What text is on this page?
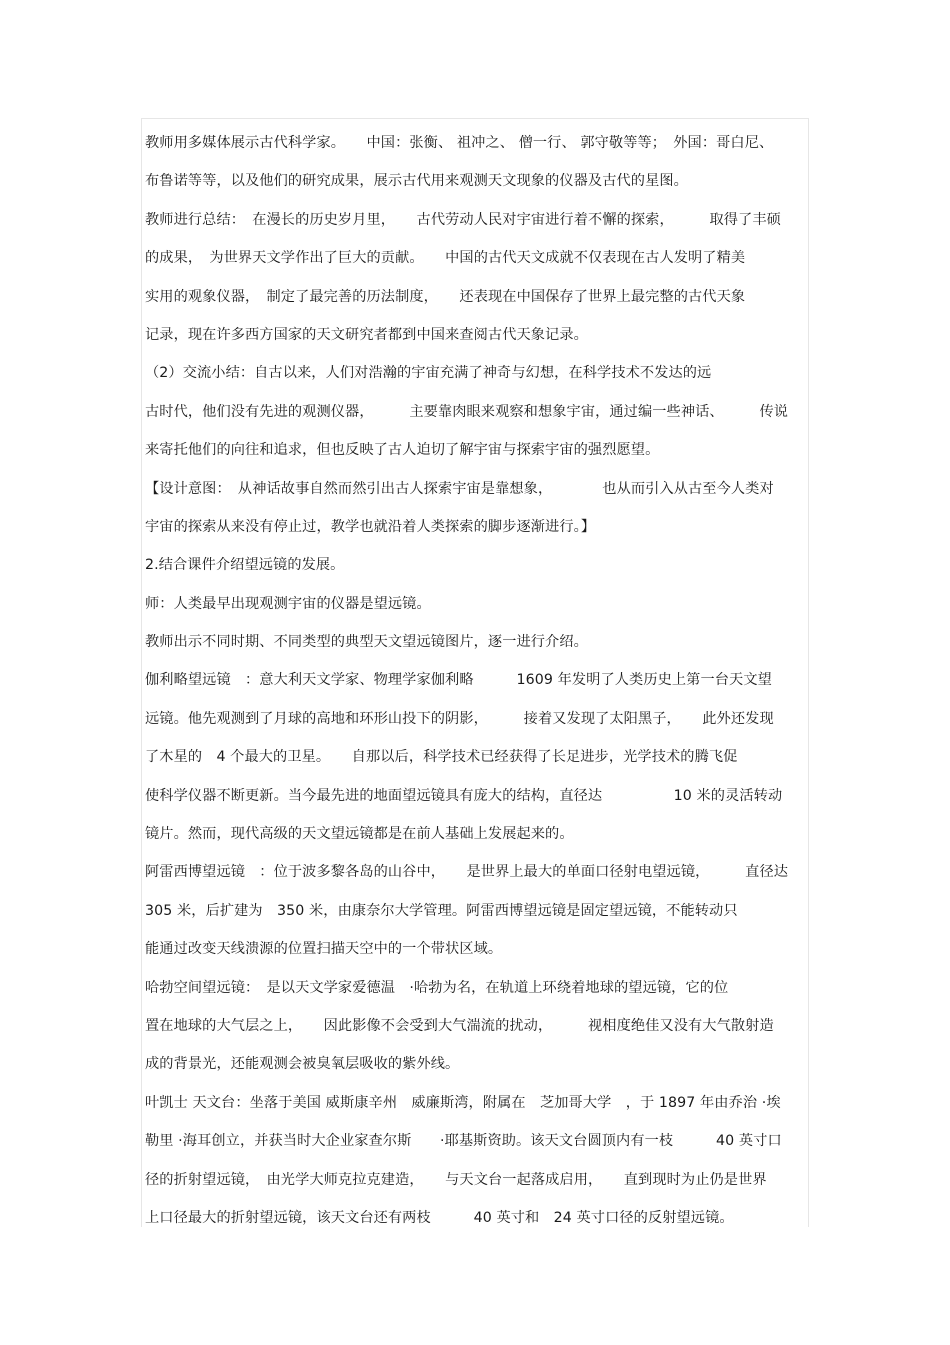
教师用多媒体展示古代科学家。　　中国：张衡、 祖冲之、 僧一行、 郭守敬等等；　外国：哥白尼、
布鲁诺等等，以及他们的研究成果，展示古代用来观测天文现象的仪器及古代的星图。
教师进行总结：　在漫长的历史岁月里，　　古代劳动人民对宇宙进行着不懈的探索，　　　取得了丰硕
的成果，　为世界天文学作出了巨大的贡献。　　中国的古代天文成就不仅表现在古人发明了精美
实用的观象仪器，　制定了最完善的历法制度，　　还表现在中国保存了世界上最完整的古代天象
记录，现在许多西方国家的天文研究者都到中国来查阅古代天象记录。
（2）交流小结：自古以来，人们对浩瀚的宇宙充满了神奇与幻想，在科学技术不发达的远
古时代，他们没有先进的观测仪器，　　　主要靠肉眼来观察和想象宇宙，通过编一些神话、　　　传说
来寄托他们的向往和追求，但也反映了古人迫切了解宇宙与探索宇宙的强烈愿望。
【设计意图：　从神话故事自然而然引出古人探索宇宙是靠想象，　　　　也从而引入从古至今人类对
宇宙的探索从来没有停止过，教学也就沿着人类探索的脚步逐渐进行。】
2.结合课件介绍望远镜的发展。
师：人类最早出现观测宇宙的仪器是望远镜。
教师出示不同时期、不同类型的典型天文望远镜图片，逐一进行介绍。
伽利略望远镜　：意大利天文学家、物理学家伽利略　　　1609 年发明了人类历史上第一台天文望
远镜。他先观测到了月球的高地和环形山投下的阴影，　　　接着又发现了太阳黑子，　　此外还发现
了木星的　4 个最大的卫星。　　自那以后，科学技术已经获得了长足进步，光学技术的腾飞促
使科学仪器不断更新。当今最先进的地面望远镜具有庞大的结构，直径达　　　　　10 米的灵活转动
镜片。然而，现代高级的天文望远镜都是在前人基础上发展起来的。
阿雷西博望远镜　：位于波多黎各岛的山谷中，　　是世界上最大的单面口径射电望远镜，　　　直径达
305 米，后扩建为　350 米，由康奈尔大学管理。阿雷西博望远镜是固定望远镜，不能转动只
能通过改变天线溃源的位置扫描天空中的一个带状区域。
哈勃空间望远镜：　是以天文学家爱德温　·哈勃为名，在轨道上环绕着地球的望远镜，它的位
置在地球的大气层之上，　　因此影像不会受到大气湍流的扰动，　　　视相度绝佳又没有大气散射造
成的背景光，还能观测会被臭氧层吸收的紫外线。
叶凯士 天文台：坐落于美国 威斯康辛州　威廉斯湾，附属在　芝加哥大学　，于 1897 年由乔治 ·埃
勒里 ·海耳创立，并获当时大企业家查尔斯　　·耶基斯资助。该天文台圆顶内有一枝　　　40 英寸口
径的折射望远镜，　由光学大师克拉克建造，　　与天文台一起落成启用，　　直到现时为止仍是世界
上口径最大的折射望远镜，该天文台还有两枝　　　40 英寸和　24 英寸口径的反射望远镜。
